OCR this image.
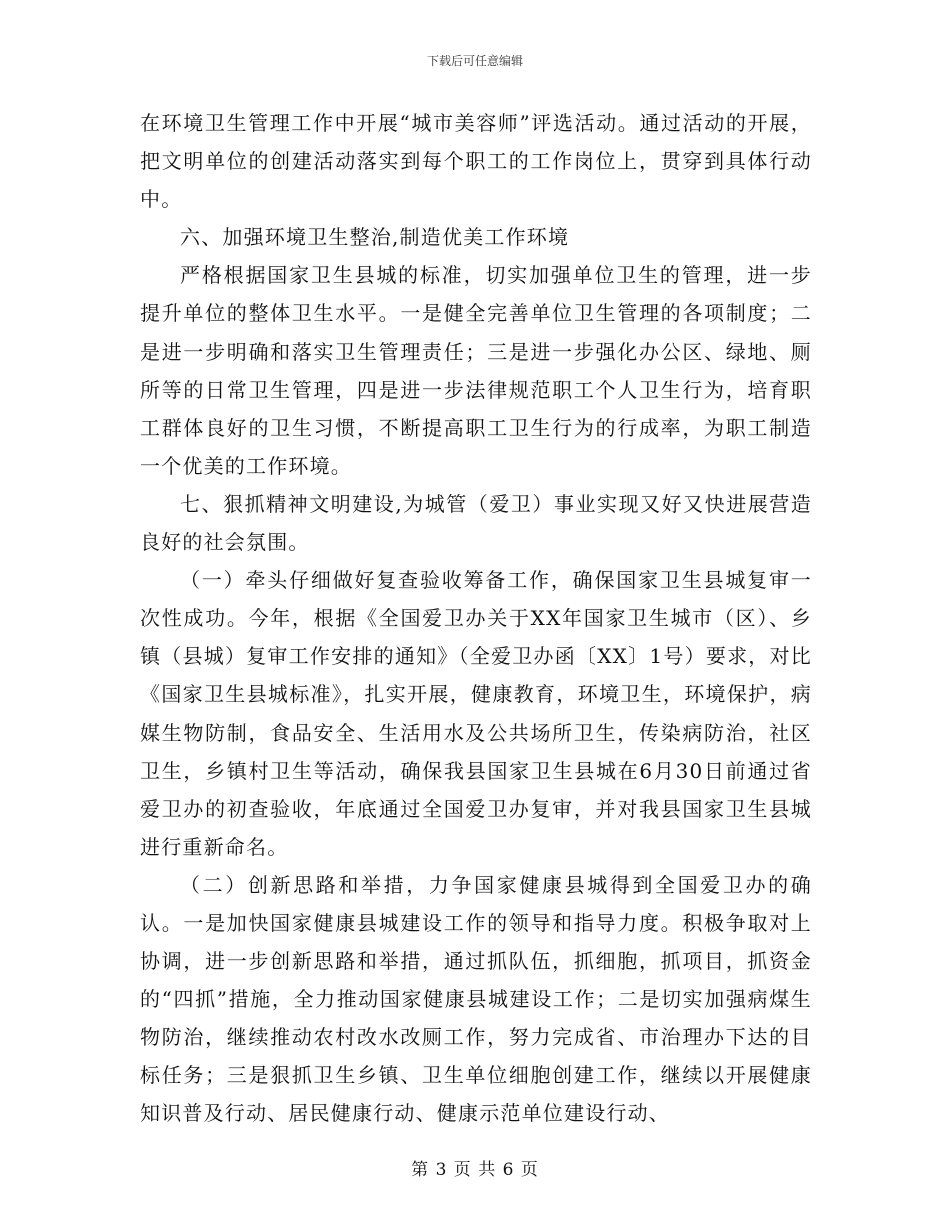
下载后可任意编辑

在环境卫生管理工作中开展“城市美容师”评选活动。通过活动的开展，把文明单位的创建活动落实到每个职工的工作岗位上，贯穿到具体行动中。

六、加强环境卫生整治,制造优美工作环境

严格根据国家卫生县城的标准，切实加强单位卫生的管理，进一步提升单位的整体卫生水平。一是健全完善单位卫生管理的各项制度；二是进一步明确和落实卫生管理责任；三是进一步强化办公区、绿地、厕所等的日常卫生管理，四是进一步法律规范职工个人卫生行为，培育职工群体良好的卫生习惯，不断提高职工卫生行为的行成率，为职工制造一个优美的工作环境。

七、狠抓精神文明建设,为城管（爱卫）事业实现又好又快进展营造良好的社会氛围。

（一）牵头仔细做好复查验收筹备工作，确保国家卫生县城复审一次性成功。今年，根据《全国爱卫办关于XX年国家卫生城市（区）、乡镇（县城）复审工作安排的通知》（全爱卫办函〔XX〕1号）要求，对比《国家卫生县城标准》，扎实开展，健康教育，环境卫生，环境保护，病媒生物防制，食品安全、生活用水及公共场所卫生，传染病防治，社区卫生，乡镇村卫生等活动，确保我县国家卫生县城在6月30日前通过省爱卫办的初查验收，年底通过全国爱卫办复审，并对我县国家卫生县城进行重新命名。

（二）创新思路和举措，力争国家健康县城得到全国爱卫办的确认。一是加快国家健康县城建设工作的领导和指导力度。积极争取对上协调，进一步创新思路和举措，通过抓队伍，抓细胞，抓项目，抓资金的“四抓”措施，全力推动国家健康县城建设工作；二是切实加强病煤生物防治，继续推动农村改水改厕工作，努力完成省、市治理办下达的目标任务；三是狠抓卫生乡镇、卫生单位细胞创建工作，继续以开展健康知识普及行动、居民健康行动、健康示范单位建设行动、

第 3 页 共 6 页
